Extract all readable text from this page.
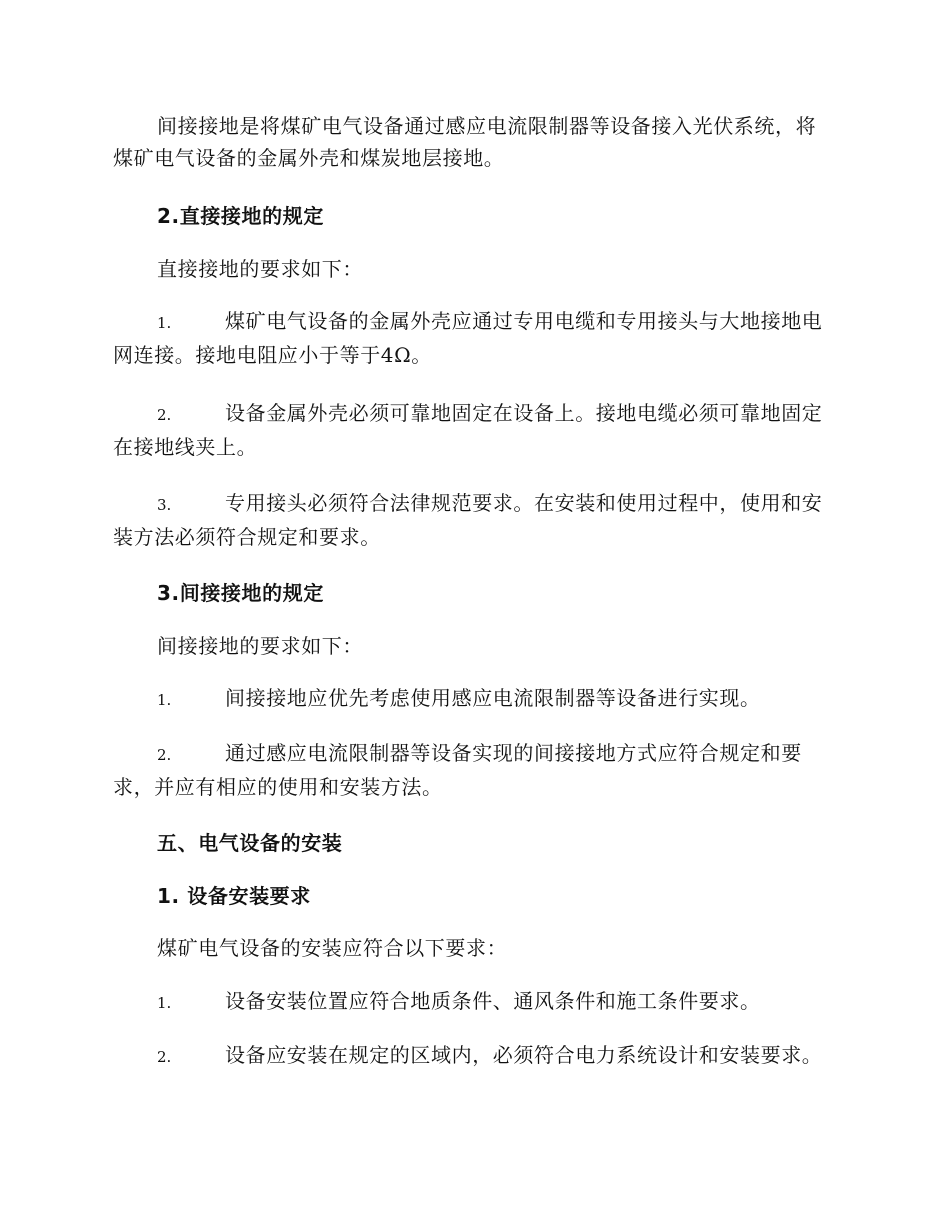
间接接地是将煤矿电气设备通过感应电流限制器等设备接入光伏系统，将煤矿电气设备的金属外壳和煤炭地层接地。

2.直接接地的规定

直接接地的要求如下：

1.	煤矿电气设备的金属外壳应通过专用电缆和专用接头与大地接地电网连接。接地电阻应小于等于4Ω。

2.	设备金属外壳必须可靠地固定在设备上。接地电缆必须可靠地固定在接地线夹上。

3.	专用接头必须符合法律规范要求。在安装和使用过程中，使用和安装方法必须符合规定和要求。

3.间接接地的规定

间接接地的要求如下：

1.	间接接地应优先考虑使用感应电流限制器等设备进行实现。

2.	通过感应电流限制器等设备实现的间接接地方式应符合规定和要求，并应有相应的使用和安装方法。

五、电气设备的安装

1. 设备安装要求

煤矿电气设备的安装应符合以下要求：

1.	设备安装位置应符合地质条件、通风条件和施工条件要求。

2.	设备应安装在规定的区域内，必须符合电力系统设计和安装要求。
